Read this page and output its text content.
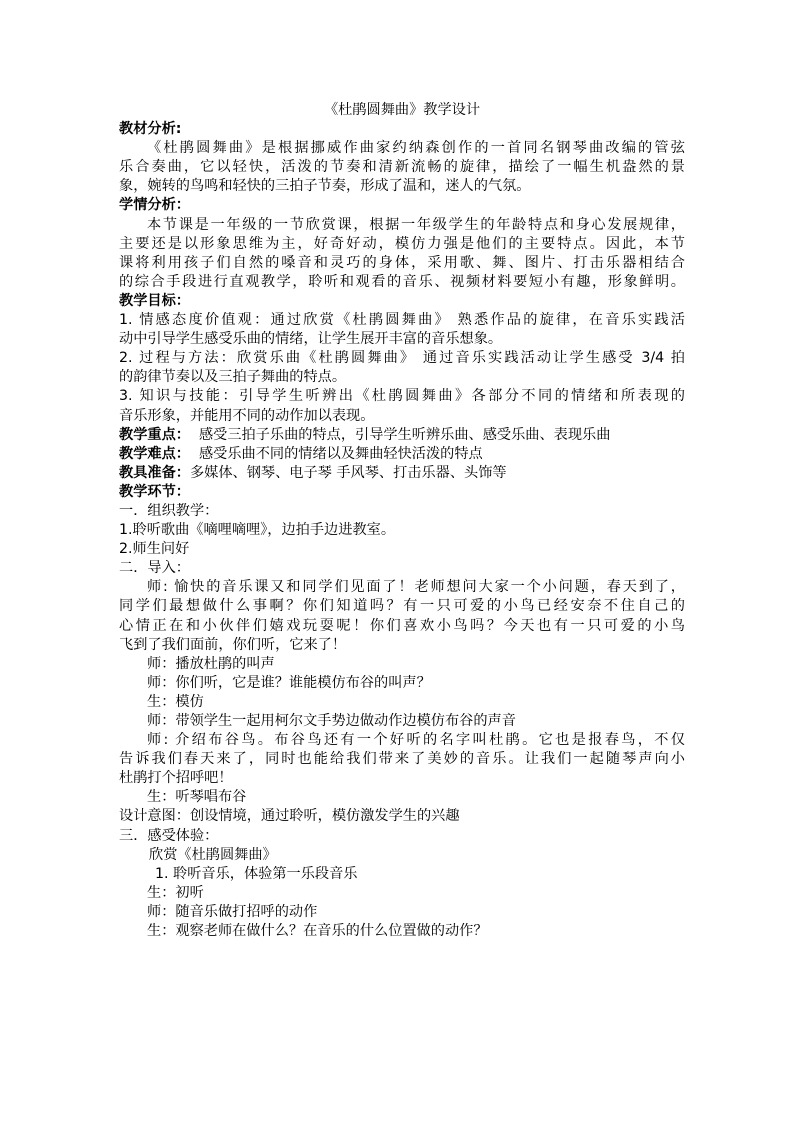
《杜鹃圆舞曲》教学设计
教材分析:
《杜鹃圆舞曲》是根据挪威作曲家约纳森创作的一首同名钢琴曲改编的管弦
乐合奏曲，它以轻快，活泼的节奏和清新流畅的旋律，描绘了一幅生机盎然的景
象，婉转的鸟鸣和轻快的三拍子节奏，形成了温和，迷人的气氛。
学情分析：
本节课是一年级的一节欣赏课，根据一年级学生的年龄特点和身心发展规律，
主要还是以形象思维为主，好奇好动，模仿力强是他们的主要特点。因此，本节
课将利用孩子们自然的嗓音和灵巧的身体，采用歌、舞、图片、打击乐器相结合
的综合手段进行直观教学，聆听和观看的音乐、视频材料要短小有趣，形象鲜明。
教学目标：
1. 情感态度价值观：通过欣赏《杜鹃圆舞曲》 熟悉作品的旋律，在音乐实践活
动中引导学生感受乐曲的情绪，让学生展开丰富的音乐想象。
2. 过程与方法：欣赏乐曲《杜鹃圆舞曲》 通过音乐实践活动让学生感受 3/4 拍
的韵律节奏以及三拍子舞曲的特点。
3. 知识与技能：引导学生听辨出《杜鹃圆舞曲》各部分不同的情绪和所表现的
音乐形象，并能用不同的动作加以表现。
教学重点：  感受三拍子乐曲的特点，引导学生听辨乐曲、感受乐曲、表现乐曲
教学难点：  感受乐曲不同的情绪以及舞曲轻快活泼的特点
教具准备：多媒体、钢琴、电子琴 手风琴、打击乐器、头饰等
教学环节：
一．组织教学：
1.聆听歌曲《嘀哩嘀哩》，边拍手边进教室。
2.师生问好
二．导入：
师: 愉快的音乐课又和同学们见面了！老师想问大家一个小问题，春天到了，
同学们最想做什么事啊？你们知道吗？有一只可爱的小鸟已经安奈不住自己的
心情正在和小伙伴们嬉戏玩耍呢！你们喜欢小鸟吗？今天也有一只可爱的小鸟
飞到了我们面前，你们听，它来了！
师：播放杜鹃的叫声
师：你们听，它是谁？谁能模仿布谷的叫声？
生：模仿
师：带领学生一起用柯尔文手势边做动作边模仿布谷的声音
师: 介绍布谷鸟。布谷鸟还有一个好听的名字叫杜鹃。它也是报春鸟，不仅
告诉我们春天来了，同时也能给我们带来了美妙的音乐。让我们一起随琴声向小
杜鹃打个招呼吧！
生：听琴唱布谷
设计意图：创设情境，通过聆听，模仿激发学生的兴趣
三．感受体验：
欣赏《杜鹃圆舞曲》
1. 聆听音乐，体验第一乐段音乐
生：初听
师：随音乐做打招呼的动作
生：观察老师在做什么？在音乐的什么位置做的动作？
